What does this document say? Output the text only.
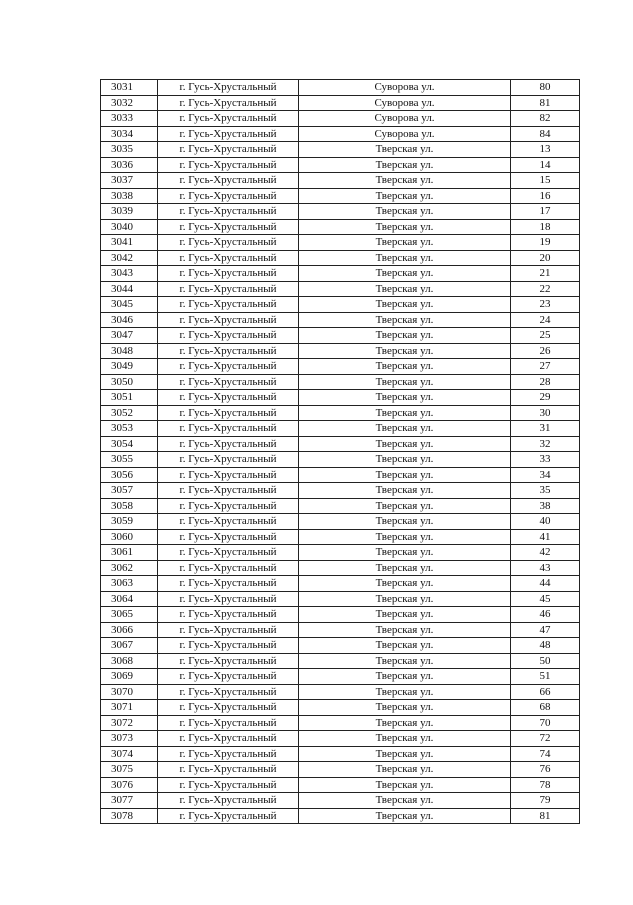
3031	г. Гусь-Хрустальный	Суворова ул.	80
3032	г. Гусь-Хрустальный	Суворова ул.	81
3033	г. Гусь-Хрустальный	Суворова ул.	82
3034	г. Гусь-Хрустальный	Суворова ул.	84
3035	г. Гусь-Хрустальный	Тверская ул.	13
3036	г. Гусь-Хрустальный	Тверская ул.	14
3037	г. Гусь-Хрустальный	Тверская ул.	15
3038	г. Гусь-Хрустальный	Тверская ул.	16
3039	г. Гусь-Хрустальный	Тверская ул.	17
3040	г. Гусь-Хрустальный	Тверская ул.	18
3041	г. Гусь-Хрустальный	Тверская ул.	19
3042	г. Гусь-Хрустальный	Тверская ул.	20
3043	г. Гусь-Хрустальный	Тверская ул.	21
3044	г. Гусь-Хрустальный	Тверская ул.	22
3045	г. Гусь-Хрустальный	Тверская ул.	23
3046	г. Гусь-Хрустальный	Тверская ул.	24
3047	г. Гусь-Хрустальный	Тверская ул.	25
3048	г. Гусь-Хрустальный	Тверская ул.	26
3049	г. Гусь-Хрустальный	Тверская ул.	27
3050	г. Гусь-Хрустальный	Тверская ул.	28
3051	г. Гусь-Хрустальный	Тверская ул.	29
3052	г. Гусь-Хрустальный	Тверская ул.	30
3053	г. Гусь-Хрустальный	Тверская ул.	31
3054	г. Гусь-Хрустальный	Тверская ул.	32
3055	г. Гусь-Хрустальный	Тверская ул.	33
3056	г. Гусь-Хрустальный	Тверская ул.	34
3057	г. Гусь-Хрустальный	Тверская ул.	35
3058	г. Гусь-Хрустальный	Тверская ул.	38
3059	г. Гусь-Хрустальный	Тверская ул.	40
3060	г. Гусь-Хрустальный	Тверская ул.	41
3061	г. Гусь-Хрустальный	Тверская ул.	42
3062	г. Гусь-Хрустальный	Тверская ул.	43
3063	г. Гусь-Хрустальный	Тверская ул.	44
3064	г. Гусь-Хрустальный	Тверская ул.	45
3065	г. Гусь-Хрустальный	Тверская ул.	46
3066	г. Гусь-Хрустальный	Тверская ул.	47
3067	г. Гусь-Хрустальный	Тверская ул.	48
3068	г. Гусь-Хрустальный	Тверская ул.	50
3069	г. Гусь-Хрустальный	Тверская ул.	51
3070	г. Гусь-Хрустальный	Тверская ул.	66
3071	г. Гусь-Хрустальный	Тверская ул.	68
3072	г. Гусь-Хрустальный	Тверская ул.	70
3073	г. Гусь-Хрустальный	Тверская ул.	72
3074	г. Гусь-Хрустальный	Тверская ул.	74
3075	г. Гусь-Хрустальный	Тверская ул.	76
3076	г. Гусь-Хрустальный	Тверская ул.	78
3077	г. Гусь-Хрустальный	Тверская ул.	79
3078	г. Гусь-Хрустальный	Тверская ул.	81
